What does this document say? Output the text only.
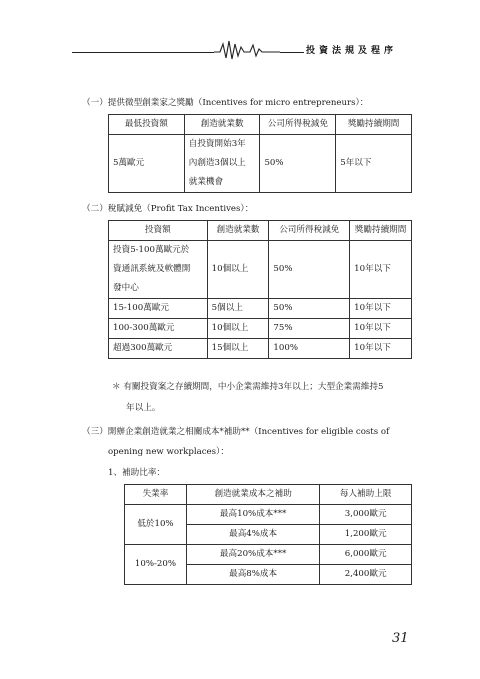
投資法規及程序
（一）提供微型創業家之獎勵（Incentives for micro entrepreneurs）：
最低投資額	創造就業數	公司所得稅減免	獎勵持續期間
5萬歐元	自投資開始3年
內創造3個以上
就業機會	50%	5年以下
（二）稅賦減免（Profit Tax Incentives）：
投資額	創造就業數	公司所得稅減免	獎勵持續期間

投資5-100萬歐元於
資通訊系統及軟體開
發中心	10個以上	50%	10年以下
15-100萬歐元	5個以上	50%	10年以下
100-300萬歐元	10個以上	75%	10年以下
超過300萬歐元	15個以上	100%	10年以下
＊ 有關投資案之存續期間，中小企業需維持3年以上；大型企業需維持5
年以上。
（三）開辦企業創造就業之相關成本*補助**（Incentives for eligible costs of
opening new workplaces）：
1、補助比率：
失業率	創造就業成本之補助	每人補助上限
低於10%	最高10%成本***	3,000歐元
	最高4%成本	1,200歐元
10%-20%	最高20%成本***	6,000歐元
	最高8%成本	2,400歐元
31
